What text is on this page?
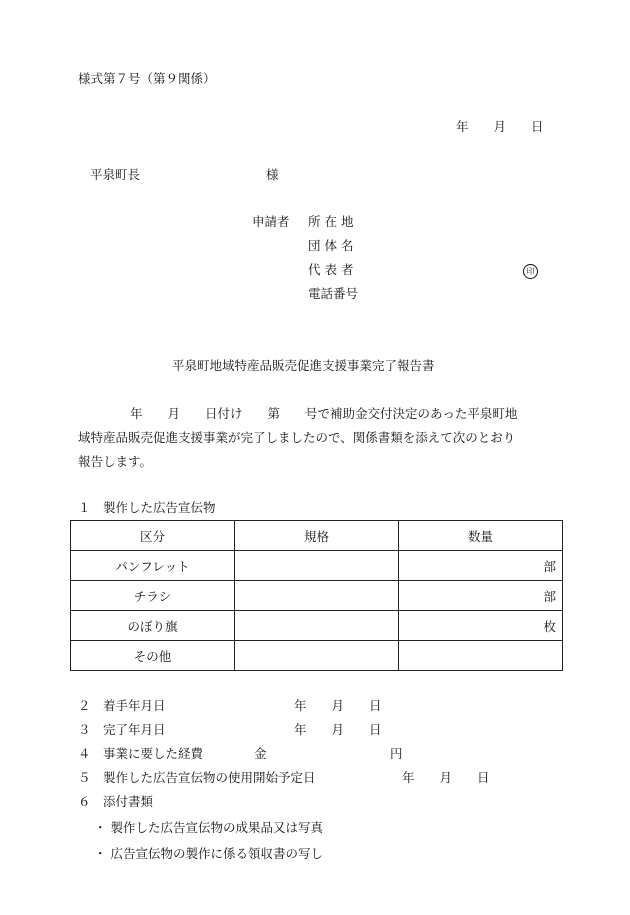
様式第７号（第９関係）
年　　月　　日
平泉町長	様
申請者 所 在 地
団 体 名
代 表 者	印
電話番号
平泉町地域特産品販売促進支援事業完了報告書
年　　月　　日付け　　第　　号で補助金交付決定のあった平泉町地
域特産品販売促進支援事業が完了しましたので、関係書類を添えて次のとおり
報告します。
１　製作した広告宣伝物
区分	規格	数量
パンフレット		部
チラシ		部
のぼり旗		枚
その他		
２　着手年月日	年　　月　　日
３　完了年月日	年　　月　　日
４　事業に要した経費	金	円
５　製作した広告宣伝物の使用開始予定日	年　　月　　日
６　添付書類
・ 製作した広告宣伝物の成果品又は写真
・ 広告宣伝物の製作に係る領収書の写し
